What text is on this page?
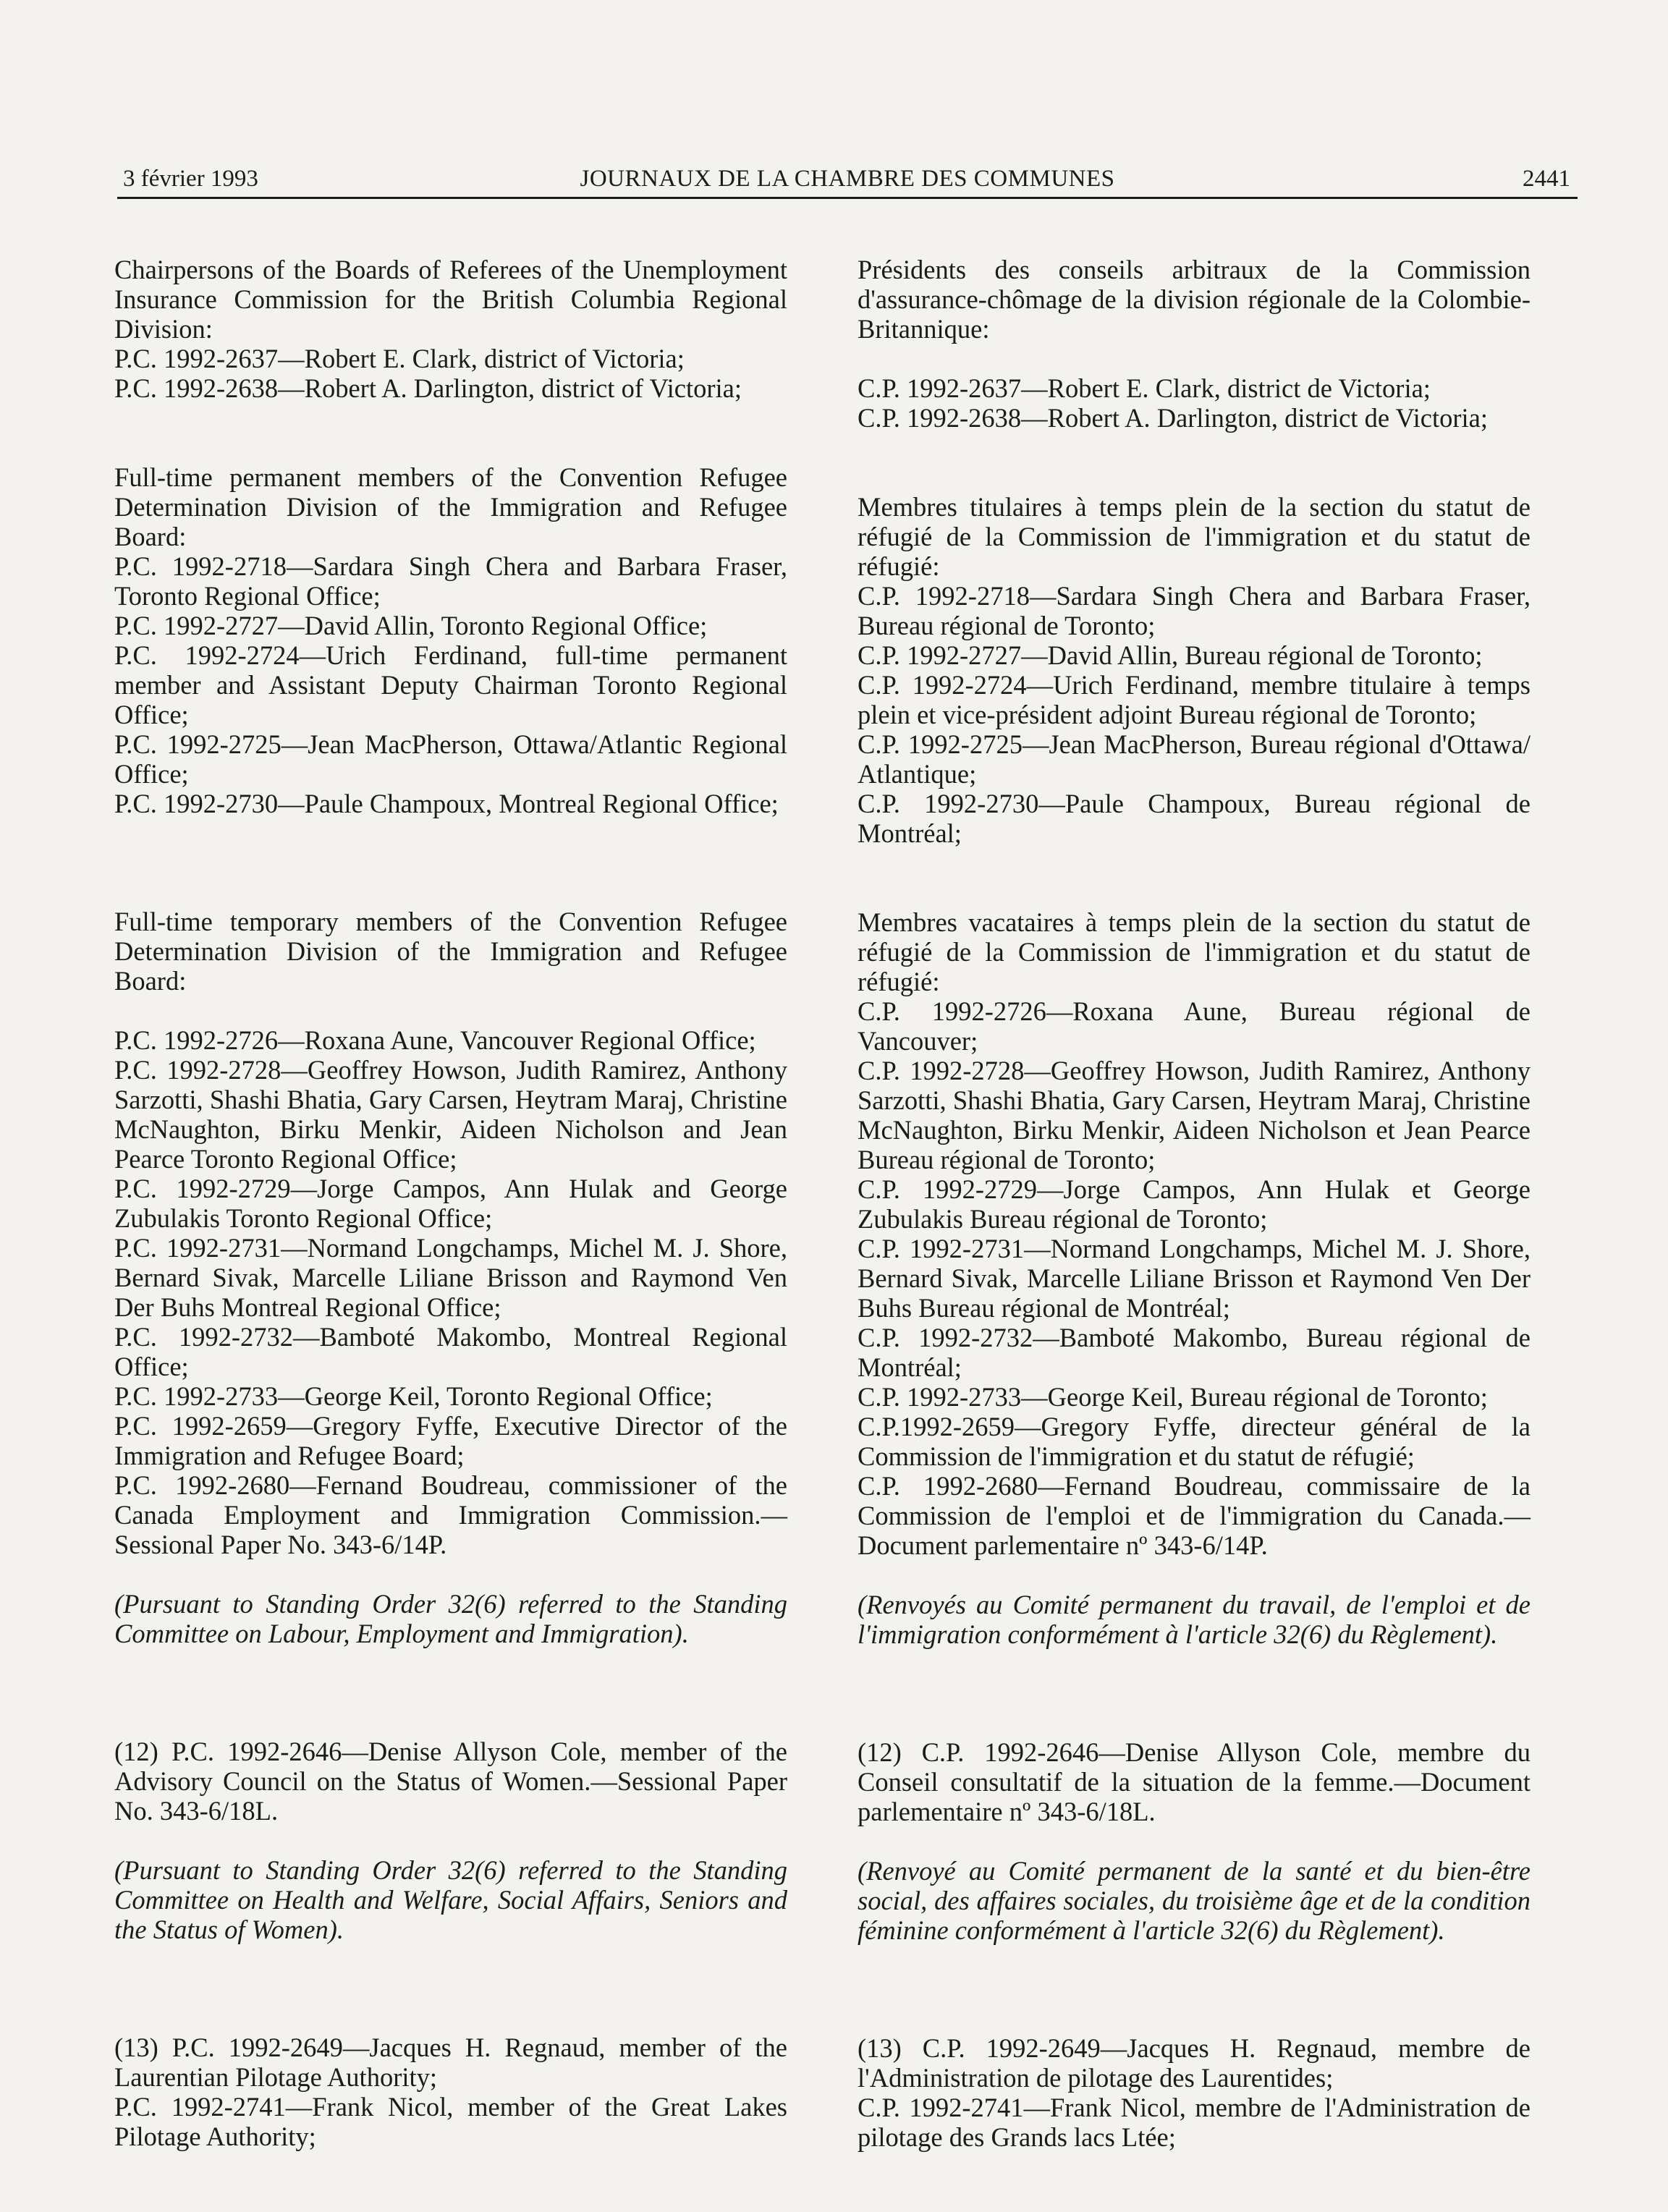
3 février 1993	JOURNAUX DE LA CHAMBRE DES COMMUNES	2441

Chairpersons of the Boards of Referees of the Unemployment Insurance Commission for the British Columbia Regional Division:

P.C. 1992-2637—Robert E. Clark, district of Victoria;

P.C. 1992-2638—Robert A. Darlington, district of Victoria;

Full-time permanent members of the Convention Refugee Determination Division of the Immigration and Refugee Board:

P.C. 1992-2718—Sardara Singh Chera and Barbara Fraser, Toronto Regional Office;

P.C. 1992-2727—David Allin, Toronto Regional Office;

P.C. 1992-2724—Urich Ferdinand, full-time permanent member and Assistant Deputy Chairman Toronto Regional Office;

P.C. 1992-2725—Jean MacPherson, Ottawa/Atlantic Regional Office;

P.C. 1992-2730—Paule Champoux, Montreal Regional Office;

Full-time temporary members of the Convention Refugee Determination Division of the Immigration and Refugee Board:

P.C. 1992-2726—Roxana Aune, Vancouver Regional Office;

P.C. 1992-2728—Geoffrey Howson, Judith Ramirez, Anthony Sarzotti, Shashi Bhatia, Gary Carsen, Heytram Maraj, Christine McNaughton, Birku Menkir, Aideen Nicholson and Jean Pearce Toronto Regional Office;

P.C. 1992-2729—Jorge Campos, Ann Hulak and George Zubulakis Toronto Regional Office;

P.C. 1992-2731—Normand Longchamps, Michel M. J. Shore, Bernard Sivak, Marcelle Liliane Brisson and Raymond Ven Der Buhs Montreal Regional Office;

P.C. 1992-2732—Bamboté Makombo, Montreal Regional Office;

P.C. 1992-2733—George Keil, Toronto Regional Office;

P.C. 1992-2659—Gregory Fyffe, Executive Director of the Immigration and Refugee Board;

P.C. 1992-2680—Fernand Boudreau, commissioner of the Canada Employment and Immigration Commission.—Sessional Paper No. 343-6/14P.

(Pursuant to Standing Order 32(6) referred to the Standing Committee on Labour, Employment and Immigration).

(12) P.C. 1992-2646—Denise Allyson Cole, member of the Advisory Council on the Status of Women.—Sessional Paper No. 343-6/18L.

(Pursuant to Standing Order 32(6) referred to the Standing Committee on Health and Welfare, Social Affairs, Seniors and the Status of Women).

(13) P.C. 1992-2649—Jacques H. Regnaud, member of the Laurentian Pilotage Authority;

P.C. 1992-2741—Frank Nicol, member of the Great Lakes Pilotage Authority;

Présidents des conseils arbitraux de la Commission d'assurance-chômage de la division régionale de la Colombie-Britannique:

C.P. 1992-2637—Robert E. Clark, district de Victoria;

C.P. 1992-2638—Robert A. Darlington, district de Victoria;

Membres titulaires à temps plein de la section du statut de réfugié de la Commission de l'immigration et du statut de réfugié:

C.P. 1992-2718—Sardara Singh Chera and Barbara Fraser, Bureau régional de Toronto;

C.P. 1992-2727—David Allin, Bureau régional de Toronto;

C.P. 1992-2724—Urich Ferdinand, membre titulaire à temps plein et vice-président adjoint Bureau régional de Toronto;

C.P. 1992-2725—Jean MacPherson, Bureau régional d'Ottawa/ Atlantique;

C.P. 1992-2730—Paule Champoux, Bureau régional de Montréal;

Membres vacataires à temps plein de la section du statut de réfugié de la Commission de l'immigration et du statut de réfugié:

C.P. 1992-2726—Roxana Aune, Bureau régional de Vancouver;

C.P. 1992-2728—Geoffrey Howson, Judith Ramirez, Anthony Sarzotti, Shashi Bhatia, Gary Carsen, Heytram Maraj, Christine McNaughton, Birku Menkir, Aideen Nicholson et Jean Pearce Bureau régional de Toronto;

C.P. 1992-2729—Jorge Campos, Ann Hulak et George Zubulakis Bureau régional de Toronto;

C.P. 1992-2731—Normand Longchamps, Michel M. J. Shore, Bernard Sivak, Marcelle Liliane Brisson et Raymond Ven Der Buhs Bureau régional de Montréal;

C.P. 1992-2732—Bamboté Makombo, Bureau régional de Montréal;

C.P. 1992-2733—George Keil, Bureau régional de Toronto;

C.P.1992-2659—Gregory Fyffe, directeur général de la Commission de l'immigration et du statut de réfugié;

C.P. 1992-2680—Fernand Boudreau, commissaire de la Commission de l'emploi et de l'immigration du Canada.—Document parlementaire nº 343-6/14P.

(Renvoyés au Comité permanent du travail, de l'emploi et de l'immigration conformément à l'article 32(6) du Règlement).

(12) C.P. 1992-2646—Denise Allyson Cole, membre du Conseil consultatif de la situation de la femme.—Document parlementaire nº 343-6/18L.

(Renvoyé au Comité permanent de la santé et du bien-être social, des affaires sociales, du troisième âge et de la condition féminine conformément à l'article 32(6) du Règlement).

(13) C.P. 1992-2649—Jacques H. Regnaud, membre de l'Administration de pilotage des Laurentides;

C.P. 1992-2741—Frank Nicol, membre de l'Administration de pilotage des Grands lacs Ltée;
